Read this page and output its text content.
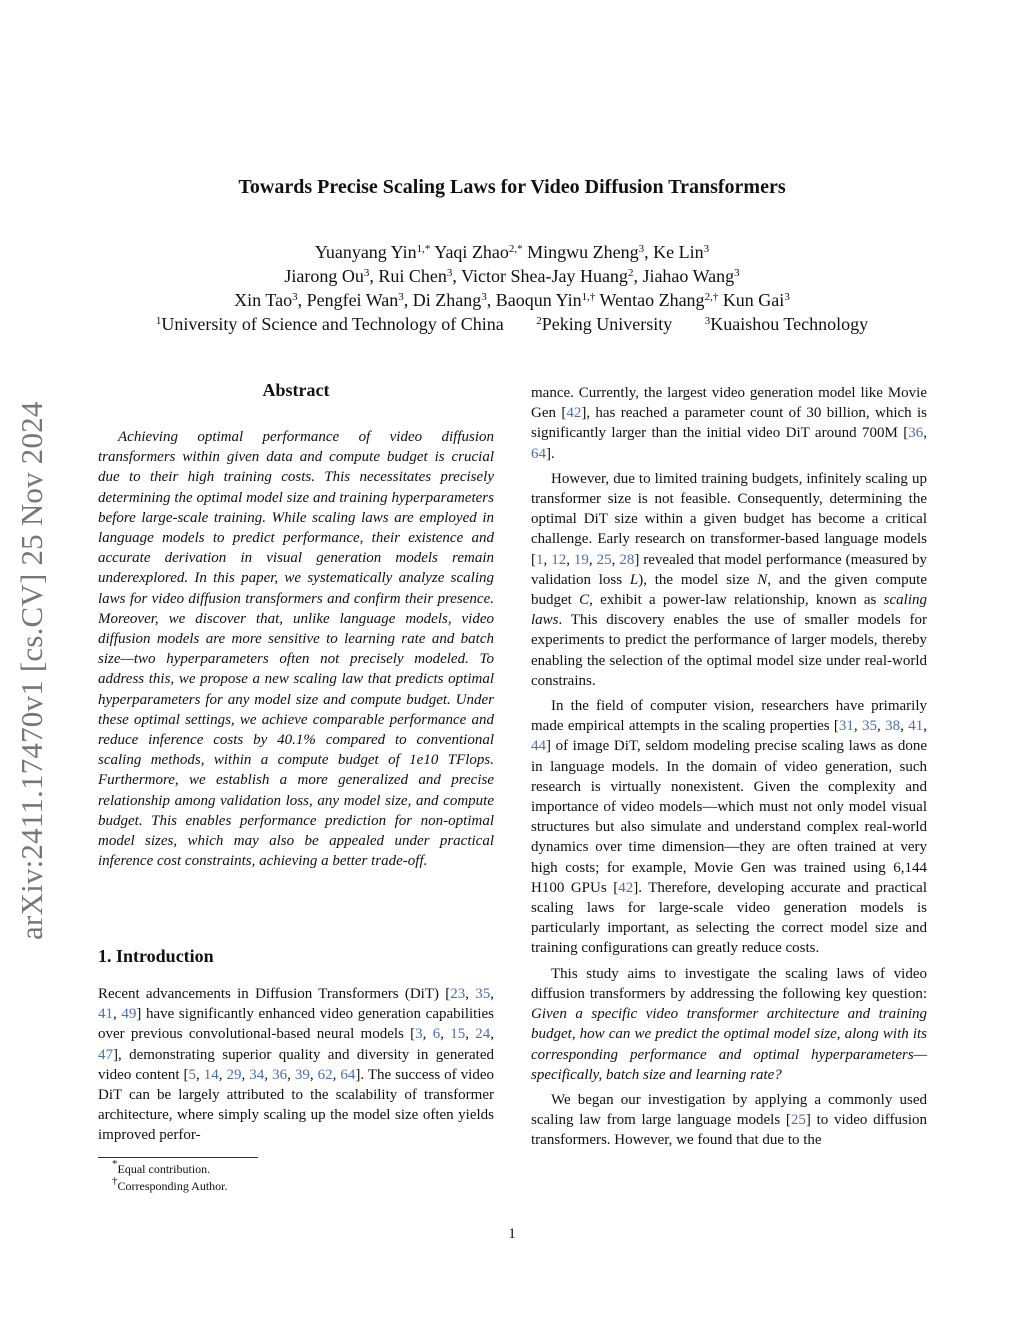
arXiv:2411.17470v1 [cs.CV] 25 Nov 2024
Towards Precise Scaling Laws for Video Diffusion Transformers
Yuanyang Yin$^{1,*}$ Yaqi Zhao$^{2,*}$ Mingwu Zheng$^3$, Ke Lin$^3$
Jiarong Ou$^3$, Rui Chen$^3$, Victor Shea-Jay Huang$^2$, Jiahao Wang$^3$
Xin Tao$^3$, Pengfei Wan$^3$, Di Zhang$^3$, Baoqun Yin$^{1,\dagger}$ Wentao Zhang$^{2,\dagger}$ Kun Gai$^3$
$^1$University of Science and Technology of China	$^2$Peking University	$^3$Kuaishou Technology
Abstract
Achieving optimal performance of video diffusion transformers within given data and compute budget is crucial due to their high training costs. This necessitates precisely determining the optimal model size and training hyperparameters before large-scale training. While scaling laws are employed in language models to predict performance, their existence and accurate derivation in visual generation models remain underexplored. In this paper, we systematically analyze scaling laws for video diffusion transformers and confirm their presence. Moreover, we discover that, unlike language models, video diffusion models are more sensitive to learning rate and batch size—two hyperparameters often not precisely modeled. To address this, we propose a new scaling law that predicts optimal hyperparameters for any model size and compute budget. Under these optimal settings, we achieve comparable performance and reduce inference costs by 40.1% compared to conventional scaling methods, within a compute budget of 1e10 TFlops. Furthermore, we establish a more generalized and precise relationship among validation loss, any model size, and compute budget. This enables performance prediction for non-optimal model sizes, which may also be appealed under practical inference cost constraints, achieving a better trade-off.
1. Introduction
Recent advancements in Diffusion Transformers (DiT) [23, 35, 41, 49] have significantly enhanced video generation capabilities over previous convolutional-based neural models [3, 6, 15, 24, 47], demonstrating superior quality and diversity in generated video content [5, 14, 29, 34, 36, 39, 62, 64]. The success of video DiT can be largely attributed to the scalability of transformer architecture, where simply scaling up the model size often yields improved perfor-

mance. Currently, the largest video generation model like Movie Gen [42], has reached a parameter count of 30 billion, which is significantly larger than the initial video DiT around 700M [36, 64].

However, due to limited training budgets, infinitely scaling up transformer size is not feasible. Consequently, determining the optimal DiT size within a given budget has become a critical challenge. Early research on transformer-based language models [1, 12, 19, 25, 28] revealed that model performance (measured by validation loss L), the model size N, and the given compute budget C, exhibit a power-law relationship, known as scaling laws. This discovery enables the use of smaller models for experiments to predict the performance of larger models, thereby enabling the selection of the optimal model size under real-world constrains.

In the field of computer vision, researchers have primarily made empirical attempts in the scaling properties [31, 35, 38, 41, 44] of image DiT, seldom modeling precise scaling laws as done in language models. In the domain of video generation, such research is virtually nonexistent. Given the complexity and importance of video models—which must not only model visual structures but also simulate and understand complex real-world dynamics over time dimension—they are often trained at very high costs; for example, Movie Gen was trained using 6,144 H100 GPUs [42]. Therefore, developing accurate and practical scaling laws for large-scale video generation models is particularly important, as selecting the correct model size and training configurations can greatly reduce costs.

This study aims to investigate the scaling laws of video diffusion transformers by addressing the following key question: Given a specific video transformer architecture and training budget, how can we predict the optimal model size, along with its corresponding performance and optimal hyperparameters—specifically, batch size and learning rate?

We began our investigation by applying a commonly used scaling law from large language models [25] to video diffusion transformers. However, we found that due to the

*Equal contribution.
†Corresponding Author.
1
